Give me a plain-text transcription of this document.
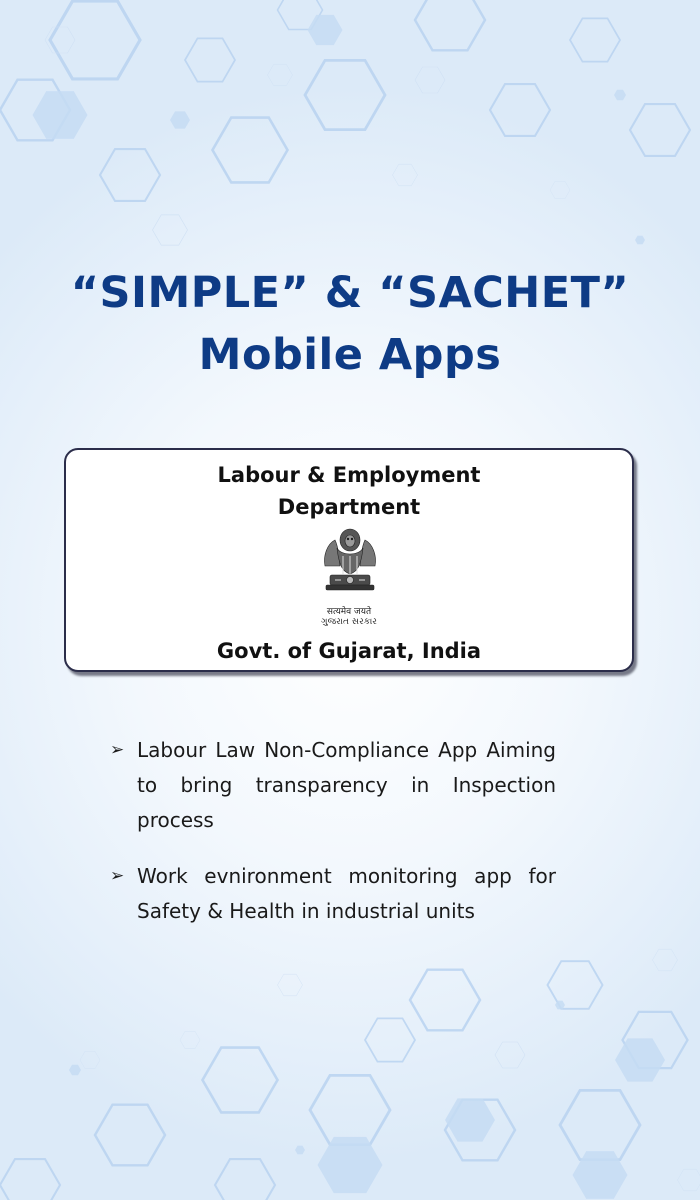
“SIMPLE” & “SACHET”
Mobile Apps
Labour & Employment
Department
सत्यमेव जयते
ગુજરાત સરકાર
Govt. of Gujarat, India
➢ Labour Law Non-Compliance App Aiming to bring transparency in Inspection process
➢ Work evnironment monitoring app for Safety & Health in industrial units
